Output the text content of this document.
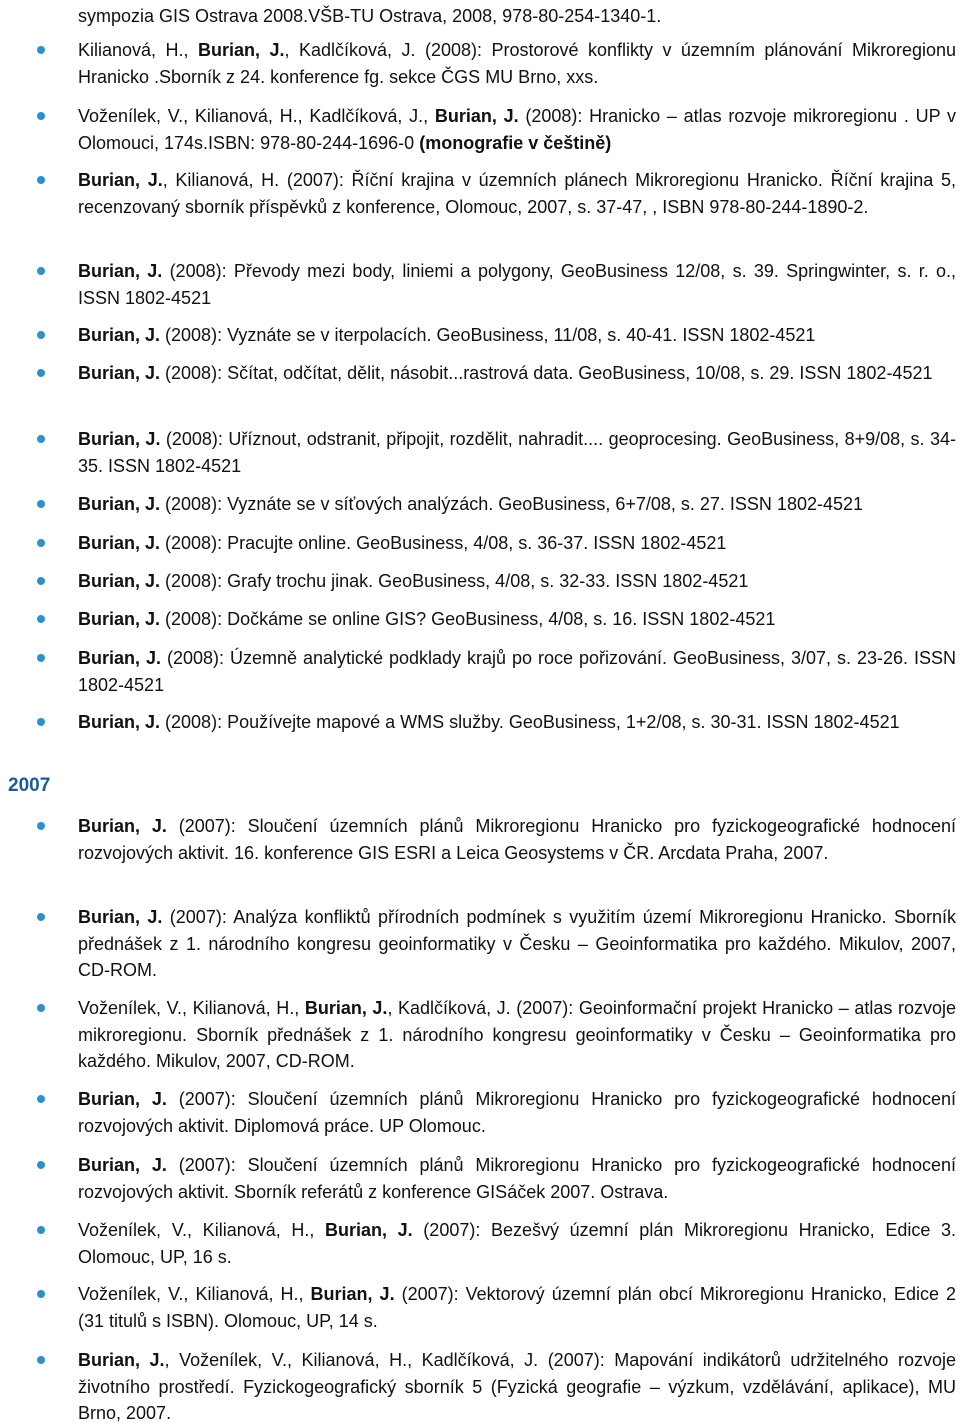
sympozia GIS Ostrava 2008.VŠB-TU Ostrava, 2008, 978-80-254-1340-1.
Kilianová, H., Burian, J., Kadlčíková, J. (2008): Prostorové konflikty v územním plánování Mikroregionu Hranicko .Sborník z 24. konference fg. sekce ČGS MU Brno, xxs.
Voženílek, V., Kilianová, H., Kadlčíková, J., Burian, J. (2008): Hranicko – atlas rozvoje mikroregionu . UP v Olomouci, 174s.ISBN: 978-80-244-1696-0 (monografie v češtině)
Burian, J., Kilianová, H. (2007): Říční krajina v územních plánech Mikroregionu Hranicko. Říční krajina 5, recenzovaný sborník příspěvků z konference, Olomouc, 2007, s. 37-47, , ISBN 978-80-244-1890-2.
Burian, J. (2008): Převody mezi body, liniemi a polygony, GeoBusiness 12/08, s. 39. Springwinter, s. r. o., ISSN 1802-4521
Burian, J. (2008): Vyznáte se v iterpolacích. GeoBusiness, 11/08, s. 40-41. ISSN 1802-4521
Burian, J. (2008): Sčítat, odčítat, dělit, násobit...rastrová data. GeoBusiness, 10/08, s. 29. ISSN 1802-4521
Burian, J. (2008): Uříznout, odstranit, připojit, rozdělit, nahradit.... geoprocesing. GeoBusiness, 8+9/08, s. 34-35. ISSN 1802-4521
Burian, J. (2008): Vyznáte se v síťových analýzách. GeoBusiness, 6+7/08, s. 27. ISSN 1802-4521
Burian, J. (2008): Pracujte online. GeoBusiness, 4/08, s. 36-37. ISSN 1802-4521
Burian, J. (2008): Grafy trochu jinak. GeoBusiness, 4/08, s. 32-33. ISSN 1802-4521
Burian, J. (2008): Dočkáme se online GIS? GeoBusiness, 4/08, s. 16. ISSN 1802-4521
Burian, J. (2008): Územně analytické podklady krajů po roce pořizování. GeoBusiness, 3/07, s. 23-26. ISSN 1802-4521
Burian, J. (2008): Používejte mapové a WMS služby. GeoBusiness, 1+2/08, s. 30-31. ISSN 1802-4521
2007
Burian, J. (2007): Sloučení územních plánů Mikroregionu Hranicko pro fyzickogeografické hodnocení rozvojových aktivit. 16. konference GIS ESRI a Leica Geosystems v ČR. Arcdata Praha, 2007.
Burian, J. (2007): Analýza konfliktů přírodních podmínek s využitím území Mikroregionu Hranicko. Sborník přednášek z 1. národního kongresu geoinformatiky v Česku – Geoinformatika pro každého. Mikulov, 2007, CD-ROM.
Voženílek, V., Kilianová, H., Burian, J., Kadlčíková, J. (2007): Geoinformační projekt Hranicko – atlas rozvoje mikroregionu. Sborník přednášek z 1. národního kongresu geoinformatiky v Česku – Geoinformatika pro každého. Mikulov, 2007, CD-ROM.
Burian, J. (2007): Sloučení územních plánů Mikroregionu Hranicko pro fyzickogeografické hodnocení rozvojových aktivit. Diplomová práce. UP Olomouc.
Burian, J. (2007): Sloučení územních plánů Mikroregionu Hranicko pro fyzickogeografické hodnocení rozvojových aktivit. Sborník referátů z konference GISáček 2007. Ostrava.
Voženílek, V., Kilianová, H., Burian, J. (2007): Bezešvý územní plán Mikroregionu Hranicko, Edice 3. Olomouc, UP, 16 s.
Voženílek, V., Kilianová, H., Burian, J. (2007): Vektorový územní plán obcí Mikroregionu Hranicko, Edice 2 (31 titulů s ISBN). Olomouc, UP, 14 s.
Burian, J., Voženílek, V., Kilianová, H., Kadlčíková, J. (2007): Mapování indikátorů udržitelného rozvoje životního prostředí. Fyzickogeografický sborník 5 (Fyzická geografie – výzkum, vzdělávání, aplikace), MU Brno, 2007.
